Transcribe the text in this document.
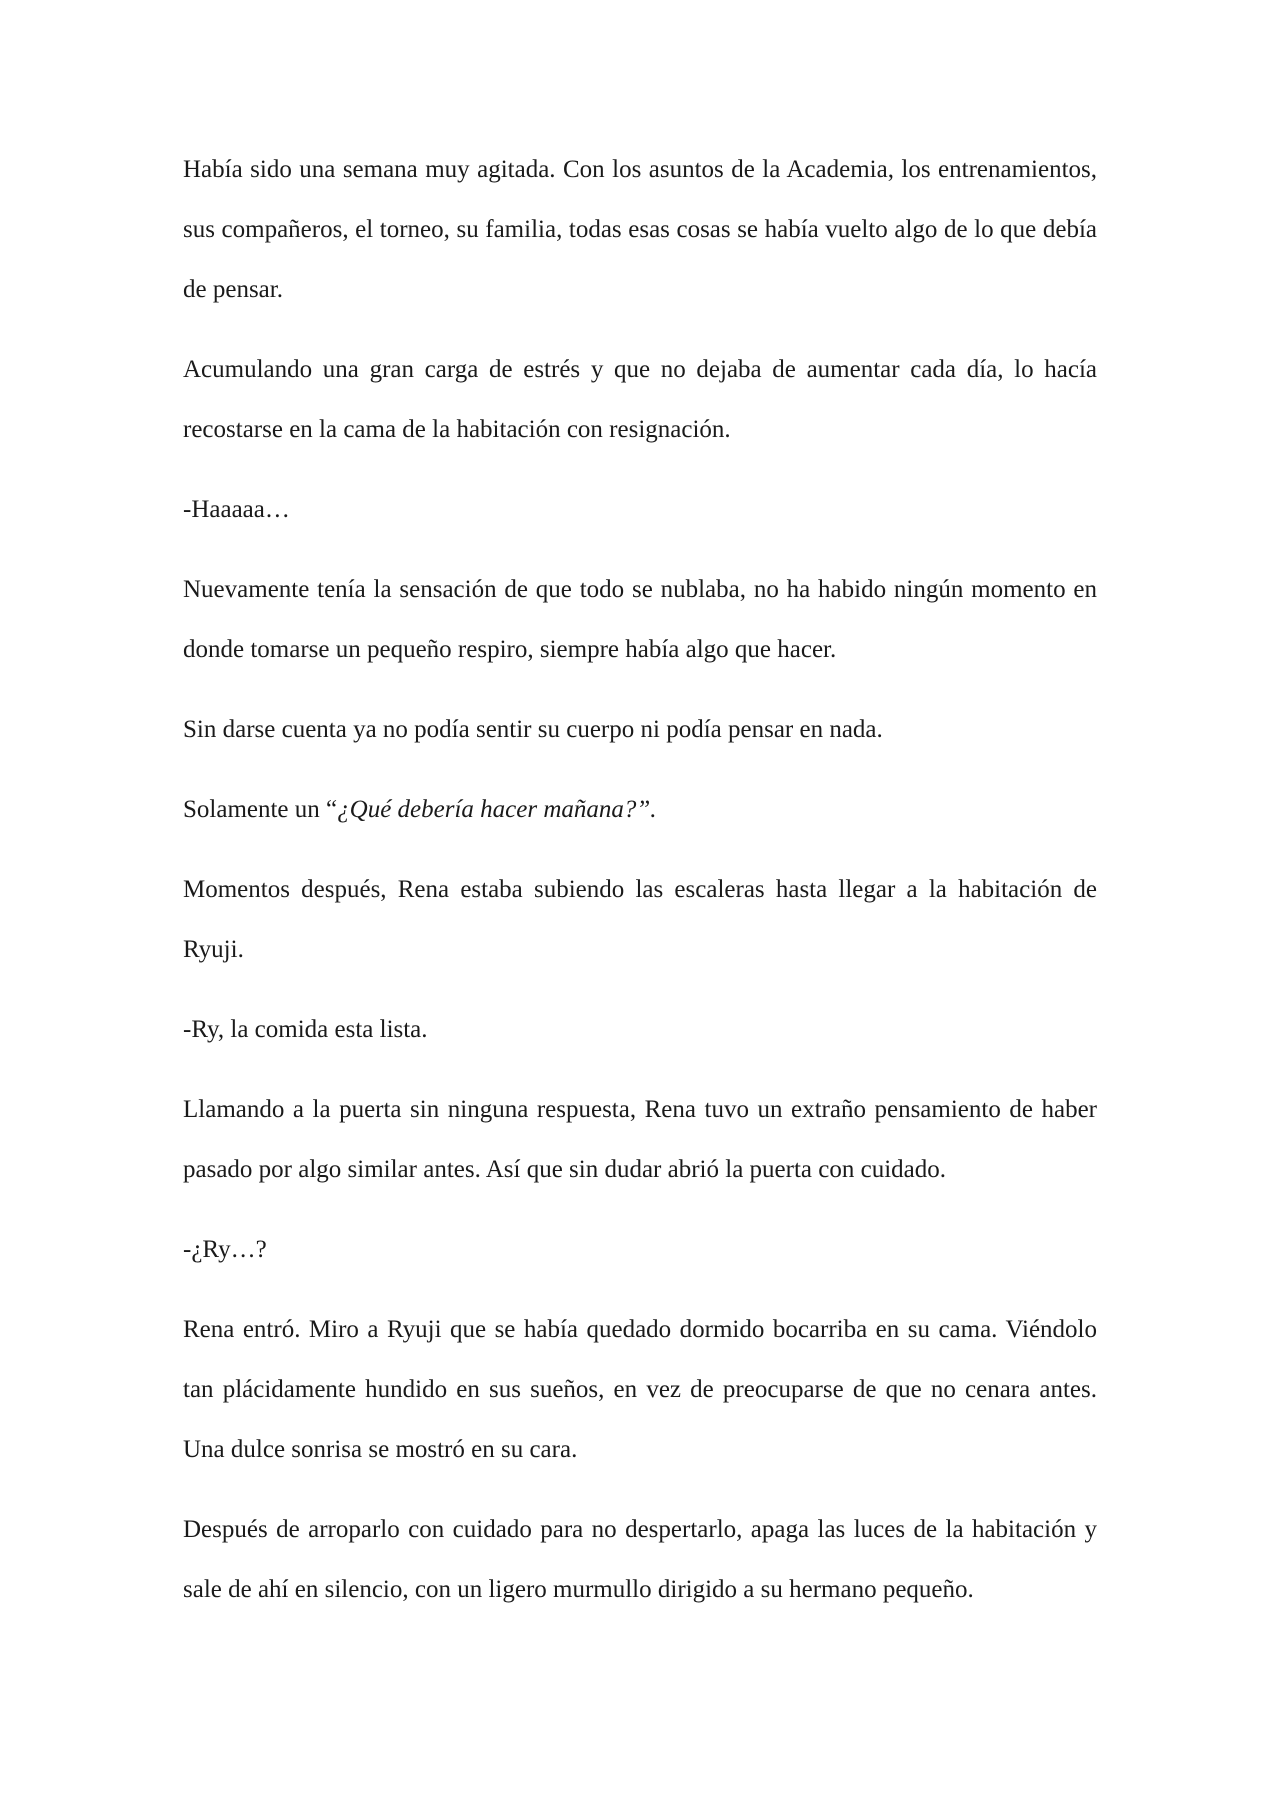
Había sido una semana muy agitada. Con los asuntos de la Academia, los entrenamientos, sus compañeros, el torneo, su familia, todas esas cosas se había vuelto algo de lo que debía de pensar.

Acumulando una gran carga de estrés y que no dejaba de aumentar cada día, lo hacía recostarse en la cama de la habitación con resignación.

-Haaaaa…

Nuevamente tenía la sensación de que todo se nublaba, no ha habido ningún momento en donde tomarse un pequeño respiro, siempre había algo que hacer.

Sin darse cuenta ya no podía sentir su cuerpo ni podía pensar en nada.

Solamente un “¿Qué debería hacer mañana?”.

Momentos después, Rena estaba subiendo las escaleras hasta llegar a la habitación de Ryuji.

-Ry, la comida esta lista.

Llamando a la puerta sin ninguna respuesta, Rena tuvo un extraño pensamiento de haber pasado por algo similar antes. Así que sin dudar abrió la puerta con cuidado.

-¿Ry…?

Rena entró. Miro a Ryuji que se había quedado dormido bocarriba en su cama. Viéndolo tan plácidamente hundido en sus sueños, en vez de preocuparse de que no cenara antes. Una dulce sonrisa se mostró en su cara.

Después de arroparlo con cuidado para no despertarlo, apaga las luces de la habitación y sale de ahí en silencio, con un ligero murmullo dirigido a su hermano pequeño.
